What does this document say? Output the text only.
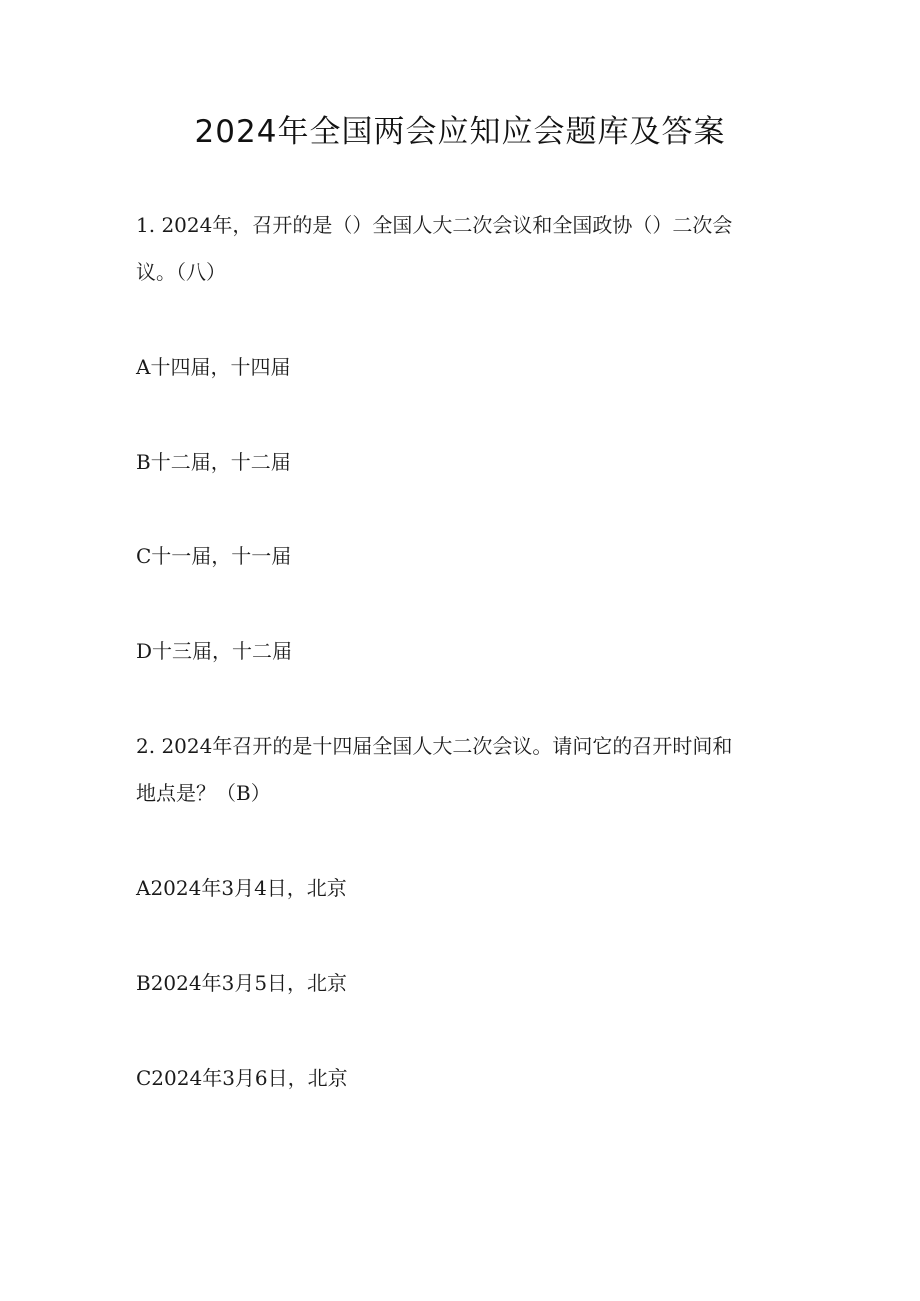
2024年全国两会应知应会题库及答案
1. 2024年，召开的是（）全国人大二次会议和全国政协（）二次会
议。（八）
A十四届，十四届
B十二届，十二届
C十一届，十一届
D十三届，十二届
2. 2024年召开的是十四届全国人大二次会议。请问它的召开时间和
地点是？（B）
A2024年3月4日，北京
B2024年3月5日，北京
C2024年3月6日，北京
